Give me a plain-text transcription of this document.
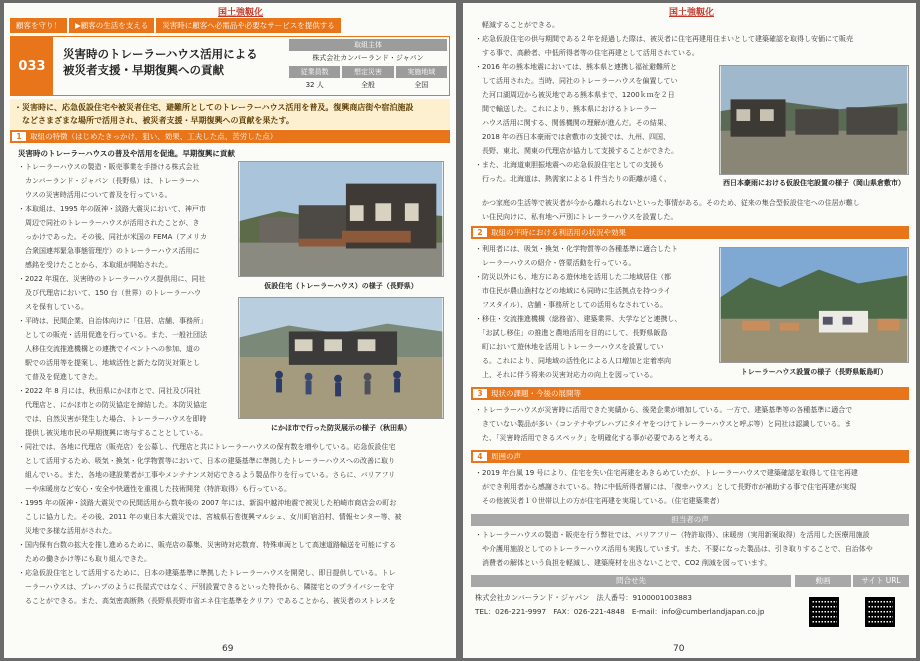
国土強靱化
顧客を守り！	▶顧客の生活を支える	災害時に顧客へ必需品や必要なサービスを提供する
033
災害時のトレーラーハウス活用による
被災者支援・早期復興への貢献
取組主体
株式会社カンバーランド・ジャパン
従業員数	想定災害	実施地域
32 人	全般	全国
・災害時に、応急仮設住宅や被災者住宅、避難所としてのトレーラーハウス活用を普及。復興商店街や宿泊施設
　などさまざまな場所で活用され、被災者支援・早期復興への貢献を果たす。
1	取組の特徴（はじめたきっかけ、狙い、効果、工夫した点、苦労した点）
災害時のトレーラーハウスの普及や活用を促進。早期復興に貢献

・トレーラーハウスの製造・販売事業を手掛ける株式会社

　カンバーランド・ジャパン（長野県）は、トレーラーハ

　ウスの災害時活用について普及を行っている。

・本取組は、1995 年の阪神・淡路大震災において、神戸市

　周辺で同社のトレーラーハウスが活用されたことが、き

　っかけであった。その後、同社が米国の FEMA（アメリカ

　合衆国連邦緊急事態管理庁）のトレーラーハウス活用に

　感銘を受けたことから、本取組が開始された。

・2022 年現在、災害時のトレーラーハウス提供用に、同社

　及び代理店において、150 台（世界）のトレーラーハウ

　スを保有している。

・平時は、民間企業、自治体向けに「住居、店舗、事務所」

　としての販売・活用促進を行っている。また、一般社団法

　人移住交流推進機構との連携でイベントへの参加、道の

　駅での活用等を提案し、地域活性と新たな防災対策とし

　て普及を促進してきた。

・2022 年 8 月には、秋田県にかほ市とで、同社及び同社

　代理店と、にかほ市との防災協定を締結した。本防災協定

　では、自然災害が発生した場合、トレーラーハウスを即時

　提供し被災地市民の早期復興に寄与することとしている。

仮設住宅（トレーラーハウス）の様子（長野県）
にかほ市で行った防災展示の様子（秋田県）

・同社では、各地に代理店（販売店）を公募し、代理店と共にトレーラーハウスの保有数を増やしている。応急仮設住宅

　として活用するため、吸気・換気・化学物質等において、日本の建築基準に準拠したトレーラーハウスへの改善に取り

　組んでいる。また、各地の建設業者が工事やメンテナンス対応できるよう製品作りを行っている。さらに、バリアフリ

　ーや床暖房など安心・安全や快適性を重視した技術開発（特許取得）も行っている。

・1995 年の阪神・淡路大震災での民間活用から数年後の 2007 年には、新潟中越沖地震で被災した柏崎市商店会の町お

　こしに協力した。その後、2011 年の東日本大震災では、宮城県石巻復興マルシェ、女川町宿泊村、情報センター等、被

　災地で多様な活用がされた。

・国内保有台数の拡大を推し進めるために、販売店の募集、災害時対応数育、特殊車両として高速道路輸送を可能にする

　ための働きかけ等にも取り組んできた。

・応急仮設住宅として活用するために、日本の建築基準に準拠したトレーラーハウスを開発し、即日提供している。トレ

　ーラーハウスは、プレハブのように長屋式ではなく、戸別設置できるといった特長から、隣接宅とのプライバシーを守

　ることができる。また、高気密高断熱（長野県長野市省エネ住宅基準をクリア）であることから、被災者のストレスを

69
国土強靱化

　軽減することができる。

・応急仮設住宅の供与期間である２年を経過した際は、被災者に住宅再建用住まいとして建築確認を取得し安価にて販売

　する事で、高齢者、中低所得者等の住宅再建として活用されている。

・2016 年の熊本地震においては、熊本県と連携し福祉避難所と

　して活用された。当時、同社のトレーラーハウスを偏置してい

　た河口湖周辺から被災地である熊本県まで、1200ｋｍを２日

　間で輸送した。これにより、熊本県におけるトレーラー

　ハウス活用に関する、関係機関の理解が進んだ。その結果、

　2018 年の西日本豪雨では倉敷市の支援では、九州、四国、

　長野、東北、関東の代理店が協力して支援することができた。

・また、北海道東胆振地震への応急仮設住宅としての支援も

　行った。北海道は、熱需家による１件当たりの距離が遠く、	西日本豪雨における仮設住宅設置の様子（岡山県倉敷市）

　かつ家庭の生活等で被災者が今から離れられないといった事情がある。そのため、従来の集合型仮設住宅への住居が難し

　い住民向けに、私有地へ戸別にトレーラーハウスを設置した。

2	取組の平時における利活用の状況や効果

・利用者には、吸気・換気・化学物質等の各種基準に適合したト

　レーラーハウスの紹介・啓蒙活動を行っている。

・防災以外にも、地方にある遊休地を活用した二地域居住（都

　市住民が農山漁村などの地域にも同時に生活拠点を持つライ

　フスタイル）、店舗・事務所としての活用もなされている。

・移住・交流推進機構（総務省）、建築業界、大学などと連携し、

　「お試し移住」の推進と農地活用を目的にして、長野県飯島

　町において遊休地を活用しトレーラーハウスを設置してい

　る。これにより、同地域の活性化による人口増加と定着率向

　上、それに伴う将来の災害対応力の向上を図っている。	トレーラーハウス設置の様子（長野県飯島町）
3	現状の課題・今後の展開等

・トレーラーハウスが災害時に活用できた実績から、後発企業が増加している。一方で、建築基準等の各種基準に適合で

　きていない製品が多い（コンテナやプレハブにタイヤをつけてトレーラーハウスと呼ぶ等）と同社は認識している。ま

　た、「災害時活用できるスペック」を明確化する事が必要であると考える。

4	周囲の声

・2019 年台風 19 号により、住宅を失い住宅再建をあきらめていたが、トレーラーハウスで建築確認を取得して住宅再建

　ができ利用者から感謝されている。特に中低所得者層には、「復幸ハウス」として長野市が補助する事で住宅再建が実現

　その他被災者１０世帯以上の方が住宅再建を実現している。（住宅建築業者）

担当者の声

・トレーラーハウスの製造・販売を行う弊社では、バリアフリー（特許取得）、床暖房（実用新案取得）を活用した医療用施設

　や介護用施設としてのトレーラーハウス活用も実践しています。また、不要になった製品は、引き取りすることで、自治体や

　消費者の解体という負担を軽減し、建築廃材を出さないことで、CO2 削減を図っています。

問合せ先	動画	サイト URL

株式会社カンバーランド・ジャパン　法人番号：9100001003883

TEL：026-221-9997　FAX：026-221-4848　E-mail：info@cumberlandjapan.co.jp

70
